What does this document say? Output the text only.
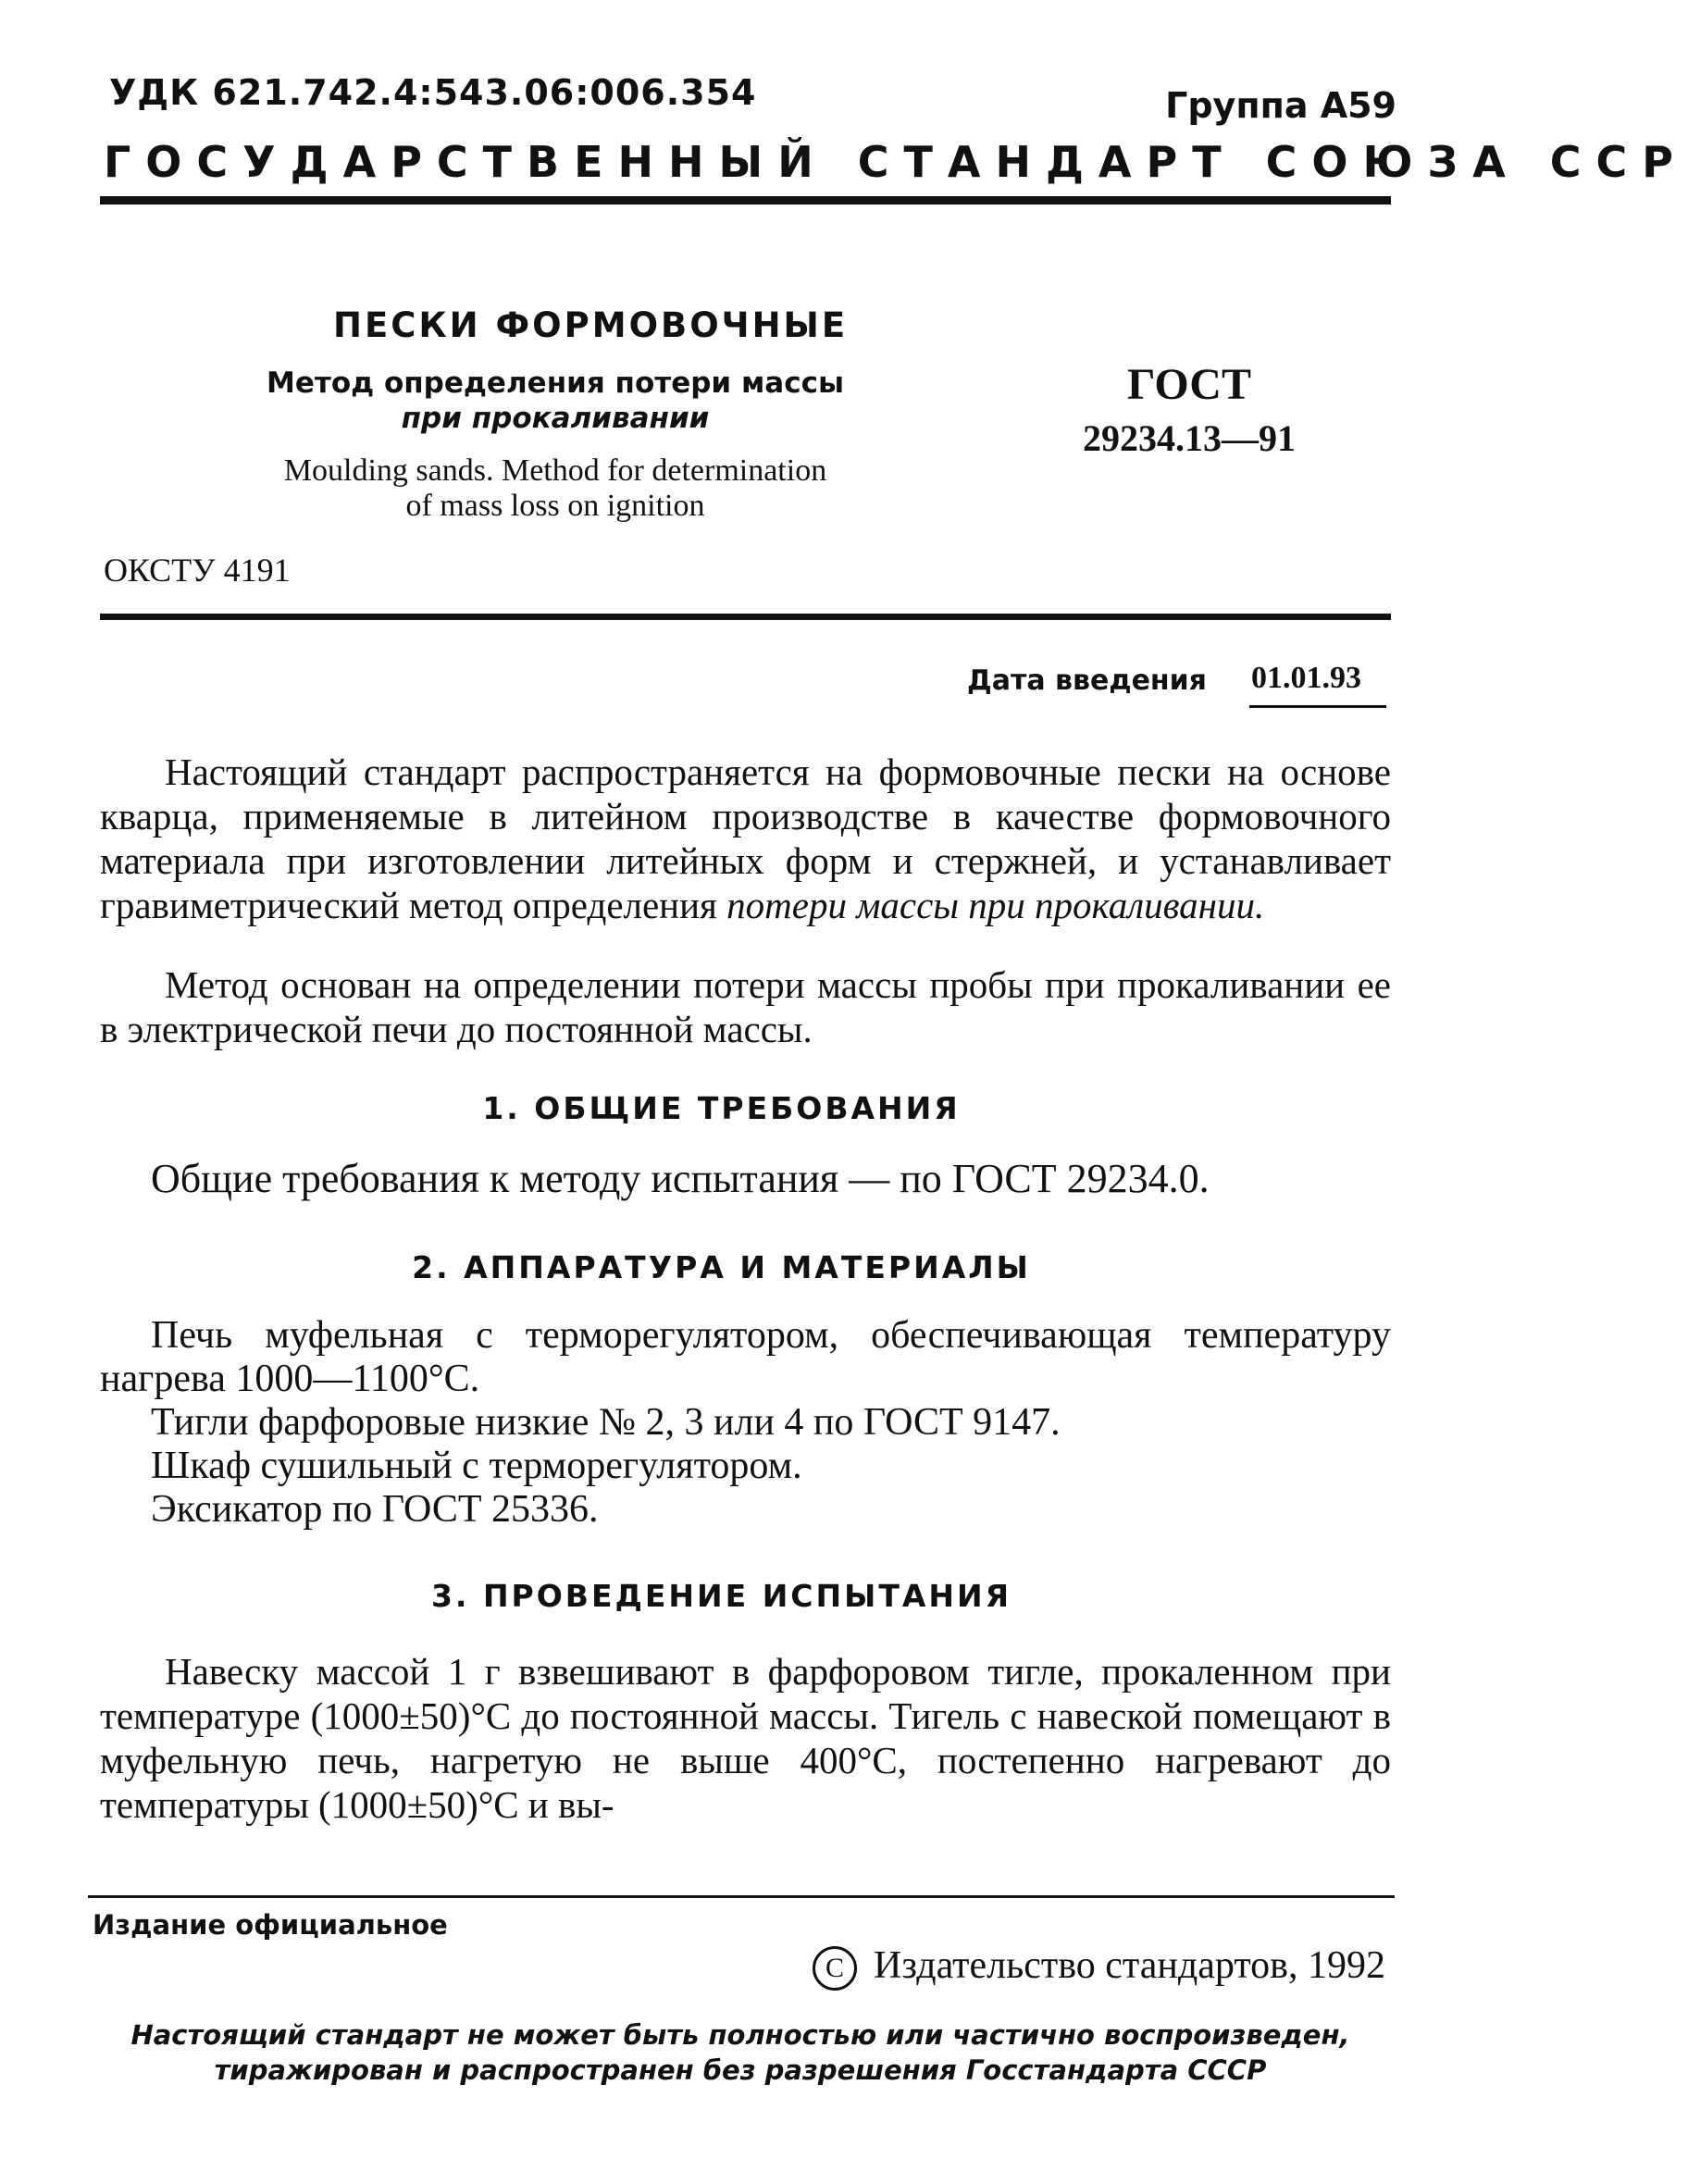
УДК 621.742.4:543.06:006.354	Группа А59
ГОСУДАРСТВЕННЫЙ СТАНДАРТ СОЮЗА ССР
ПЕСКИ ФОРМОВОЧНЫЕ
Метод определения потери массы
при прокаливании
Moulding sands. Method for determination
of mass loss on ignition
ГОСТ
29234.13—91
ОКСТУ 4191
Дата введения 01.01.93
Настоящий стандарт распространяется на формовочные пески на основе кварца, применяемые в литейном производстве в качестве формовочного материала при изготовлении литейных форм и стержней, и устанавливает гравиметрический метод определения потери массы при прокаливании.
Метод основан на определении потери массы пробы при прокаливании ее в электрической печи до постоянной массы.
1. ОБЩИЕ ТРЕБОВАНИЯ
Общие требования к методу испытания — по ГОСТ 29234.0.
2. АППАРАТУРА И МАТЕРИАЛЫ
Печь муфельная с терморегулятором, обеспечивающая температуру нагрева 1000—1100°С.
Тигли фарфоровые низкие № 2, 3 или 4 по ГОСТ 9147.
Шкаф сушильный с терморегулятором.
Эксикатор по ГОСТ 25336.
3. ПРОВЕДЕНИЕ ИСПЫТАНИЯ
Навеску массой 1 г взвешивают в фарфоровом тигле, прокаленном при температуре (1000±50)°С до постоянной массы. Тигель с навеской помещают в муфельную печь, нагретую не выше 400°С, постепенно нагревают до температуры (1000±50)°С и вы-
Издание официальное
C Издательство стандартов, 1992
Настоящий стандарт не может быть полностью или частично воспроизведен,
тиражирован и распространен без разрешения Госстандарта СССР
